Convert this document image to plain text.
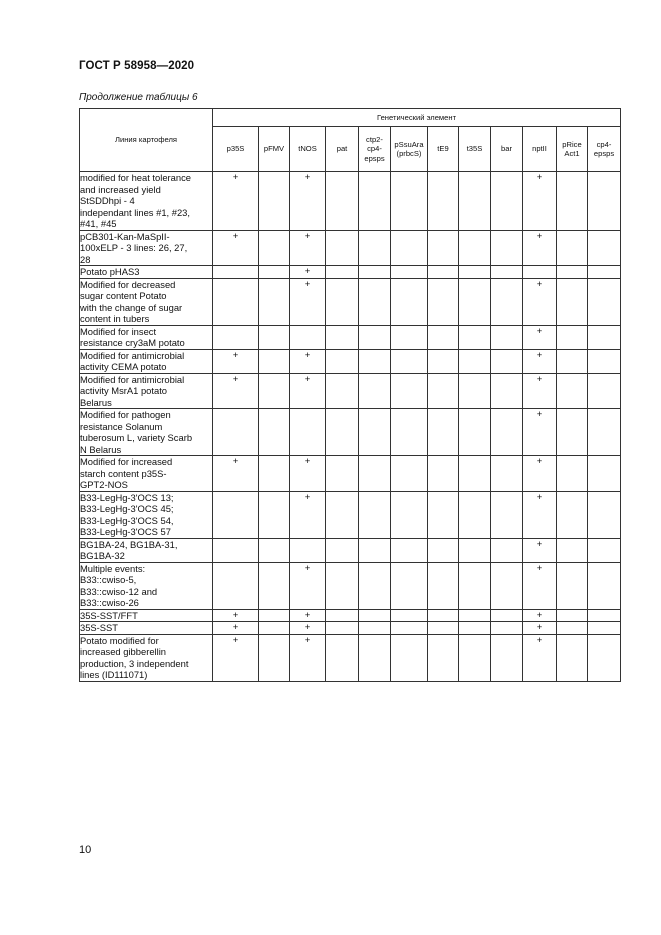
ГОСТ Р 58958—2020
Продолжение таблицы 6
Линия картофеля	Генетический элемент											
	p35S	pFMV	tNOS	pat	ctp2-
cp4-
epsps	pSsuAra
(prbcS)	tE9	t35S	bar	nptII	pRice
Act1	cp4-
epsps

modified for heat tolerance
and increased yield
StSDDhpi - 4
independant lines #1, #23,
#41, #45	+		+							+		

pCB301-Kan-MaSpII-
100xELP - 3 lines: 26, 27,
28	+		+							+		

Potato pHAS3			+									

Modified for decreased
sugar content Potato
with the change of sugar
content in tubers			+							+		

Modified for insect
resistance cry3aM potato										+		

Modified for antimicrobial
activity CEMA potato	+		+							+		

Modified for antimicrobial
activity MsrA1 potato
Belarus	+		+							+		

Modified for pathogen
resistance Solanum
tuberosum L, variety Scarb
N Belarus										+		

Modified for increased
starch content p35S-
GPT2-NOS	+		+							+		

B33-LegHg-3'OCS 13;
B33-LegHg-3'OCS 45;
B33-LegHg-3'OCS 54,
B33-LegHg-3'OCS 57			+							+		

BG1BA-24, BG1BA-31,
BG1BA-32										+		

Multiple events:
B33::cwiso-5,
B33::cwiso-12 and
B33::cwiso-26			+							+		

35S-SST/FFT	+		+							+		

35S-SST	+		+							+		

Potato modified for
increased gibberellin
production, 3 independent
lines (ID111071)	+		+							+		
10
